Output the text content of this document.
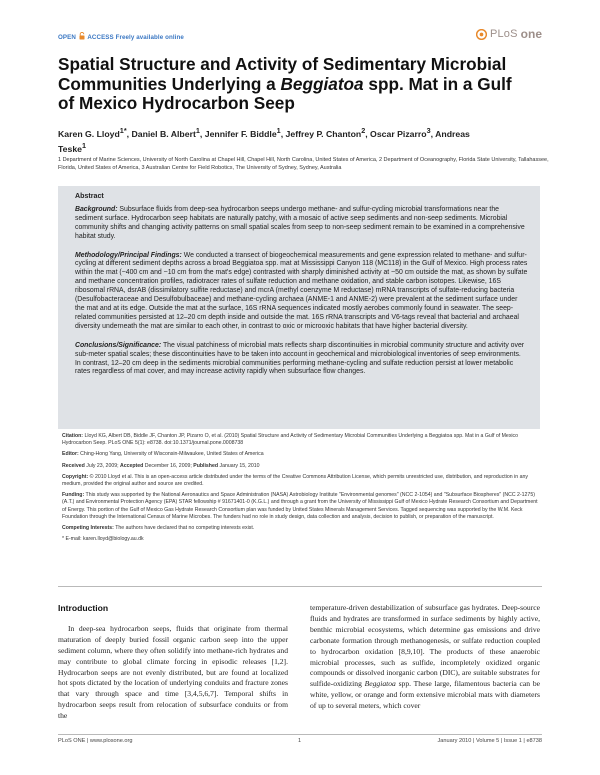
OPEN ACCESS Freely available online	PLoS one
Spatial Structure and Activity of Sedimentary Microbial
Communities Underlying a Beggiatoa spp. Mat in a Gulf
of Mexico Hydrocarbon Seep
Karen G. Lloyd$^{1*}$, Daniel B. Albert$^1$, Jennifer F. Biddle$^1$, Jeffrey P. Chanton$^2$, Oscar Pizarro$^3$, Andreas
Teske$^1$
1 Department of Marine Sciences, University of North Carolina at Chapel Hill, Chapel Hill, North Carolina, United States of America, 2 Department of Oceanography, Florida State University, Tallahassee, Florida, United States of America, 3 Australian Centre for Field Robotics, The University of Sydney, Sydney, Australia
Abstract

Background: Subsurface fluids from deep-sea hydrocarbon seeps undergo methane- and sulfur-cycling microbial transformations near the sediment surface. Hydrocarbon seep habitats are naturally patchy, with a mosaic of active seep sediments and non-seep sediments. Microbial community shifts and changing activity patterns on small spatial scales from seep to non-seep sediment remain to be examined in a comprehensive habitat study.

Methodology/Principal Findings: We conducted a transect of biogeochemical measurements and gene expression related to methane- and sulfur-cycling at different sediment depths across a broad Beggiatoa spp. mat at Mississippi Canyon 118 (MC118) in the Gulf of Mexico. High process rates within the mat (~400 cm and ~10 cm from the mat's edge) contrasted with sharply diminished activity at ~50 cm outside the mat, as shown by sulfate and methane concentration profiles, radiotracer rates of sulfate reduction and methane oxidation, and stable carbon isotopes. Likewise, 16S ribosomal rRNA, dsrAB (dissimilatory sulfite reductase) and mcrA (methyl coenzyme M reductase) mRNA transcripts of sulfate-reducing bacteria (Desulfobacteraceae and Desulfobulbaceae) and methane-cycling archaea (ANME-1 and ANME-2) were prevalent at the sediment surface under the mat and at its edge. Outside the mat at the surface, 16S rRNA sequences indicated mostly aerobes commonly found in seawater. The seep-related communities persisted at 12–20 cm depth inside and outside the mat. 16S rRNA transcripts and V6-tags reveal that bacterial and archaeal diversity underneath the mat are similar to each other, in contrast to oxic or microoxic habitats that have higher bacterial diversity.

Conclusions/Significance: The visual patchiness of microbial mats reflects sharp discontinuities in microbial community structure and activity over sub-meter spatial scales; these discontinuities have to be taken into account in geochemical and microbiological inventories of seep environments. In contrast, 12–20 cm deep in the sediments microbial communities performing methane-cycling and sulfate reduction persist at lower metabolic rates regardless of mat cover, and may increase activity rapidly when subsurface flow changes.

Citation: Lloyd KG, Albert DB, Biddle JF, Chanton JP, Pizarro O, et al. (2010) Spatial Structure and Activity of Sedimentary Microbial Communities Underlying a Beggiatoa spp. Mat in a Gulf of Mexico Hydrocarbon Seep. PLoS ONE 5(1): e8738. doi:10.1371/journal.pone.0008738
Editor: Ching-Hong Yang, University of Wisconsin-Milwaukee, United States of America
Received July 23, 2009; Accepted December 16, 2009; Published January 15, 2010
Copyright: © 2010 Lloyd et al. This is an open-access article distributed under the terms of the Creative Commons Attribution License, which permits unrestricted use, distribution, and reproduction in any medium, provided the original author and source are credited.
Funding: This study was supported by the National Aeronautics and Space Administration (NASA) Astrobiology Institute "Environmental genomes" (NCC 2-1054) and "Subsurface Biospheres" (NCC 2-1275) (A.T.) and Environmental Protection Agency (EPA) STAR fellowship # 91671401-0 (K.G.L.) and through a grant from the University of Mississippi Gulf of Mexico Hydrate Research Consortium and Department of Energy. This portion of the Gulf of Mexico Gas Hydrate Research Consortium plan was funded by United States Minerals Management Services. Tagged sequencing was supported by the W.M. Keck Foundation through the International Census of Marine Microbes. The funders had no role in study design, data collection and analysis, decision to publish, or preparation of the manuscript.
Competing Interests: The authors have declared that no competing interests exist.
* E-mail: karen.lloyd@biology.au.dk
Introduction

In deep-sea hydrocarbon seeps, fluids that originate from thermal maturation of deeply buried fossil organic carbon seep into the upper sediment column, where they often solidify into methane-rich hydrates and may contribute to global climate forcing in episodic releases [1,2]. Hydrocarbon seeps are not evenly distributed, but are found at localized hot spots dictated by the location of underlying conduits and fracture zones that vary through space and time [3,4,5,6,7]. Temporal shifts in hydrocarbon seeps result from relocation of subsurface conduits or from the

temperature-driven destabilization of subsurface gas hydrates. Deep-source fluids and hydrates are transformed in surface sediments by highly active, benthic microbial ecosystems, which determine gas emissions and drive carbonate formation through methanogenesis, or sulfate reduction coupled to hydrocarbon oxidation [8,9,10]. The products of these anaerobic microbial processes, such as sulfide, incompletely oxidized organic compounds or dissolved inorganic carbon (DIC), are suitable substrates for sulfide-oxidizing Beggiatoa spp. These large, filamentous bacteria can be white, yellow, or orange and form extensive microbial mats with diameters of up to several meters, which cover

PLoS ONE | www.plosone.org	1	January 2010 | Volume 5 | Issue 1 | e8738
